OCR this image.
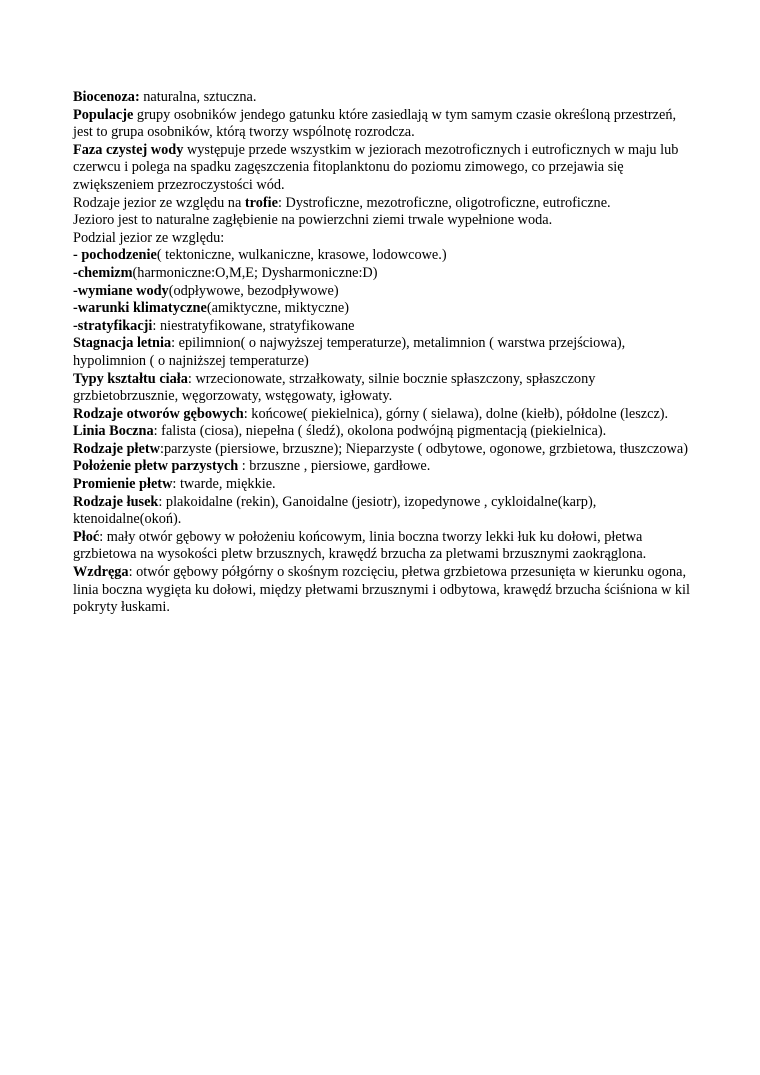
Biocenoza: naturalna, sztuczna.

Populacje grupy osobników jendego gatunku które zasiedlają w tym samym czasie określoną przestrzeń, jest to grupa osobników, którą tworzy wspólnotę rozrodcza.

Faza czystej wody występuje przede wszystkim w jeziorach mezotroficznych i eutroficznych w maju lub czerwcu i polega na spadku zagęszczenia fitoplanktonu do poziomu zimowego, co przejawia się zwiększeniem przezroczystości wód.

Rodzaje jezior ze względu na trofie: Dystroficzne, mezotroficzne, oligotroficzne, eutroficzne.

Jezioro jest to naturalne zagłębienie na powierzchni ziemi trwale wypełnione woda.

Podzial jezior ze względu:

- pochodzenie( tektoniczne, wulkaniczne, krasowe, lodowcowe.)

-chemizm(harmoniczne:O,M,E; Dysharmoniczne:D)

-wymiane wody(odpływowe, bezodpływowe)

-warunki klimatyczne(amiktyczne, miktyczne)

-stratyfikacji: niestratyfikowane, stratyfikowane

Stagnacja letnia: epilimnion( o najwyższej temperaturze), metalimnion ( warstwa przejściowa), hypolimnion ( o najniższej temperaturze)

Typy kształtu ciała: wrzecionowate, strzałkowaty, silnie bocznie spłaszczony, spłaszczony grzbietobrzusznie, węgorzowaty, wstęgowaty, igłowaty.

Rodzaje otworów gębowych: końcowe( piekielnica), górny ( sielawa), dolne (kiełb), półdolne (leszcz).

Linia Boczna: falista (ciosa), niepełna ( śledź), okolona podwójną pigmentacją (piekielnica).

Rodzaje płetw:parzyste (piersiowe, brzuszne); Nieparzyste ( odbytowe, ogonowe, grzbietowa, tłuszczowa)

Położenie płetw parzystych : brzuszne , piersiowe, gardłowe.

Promienie płetw: twarde, miękkie.

Rodzaje łusek: plakoidalne (rekin), Ganoidalne (jesiotr), izopedynowe , cykloidalne(karp), ktenoidalne(okoń).

Płoć: mały otwór gębowy w położeniu końcowym, linia boczna tworzy lekki łuk ku dołowi, płetwa grzbietowa na wysokości pletw brzusznych, krawędź brzucha za pletwami brzusznymi zaokrąglona.

Wzdręga: otwór gębowy półgórny o skośnym rozcięciu, płetwa grzbietowa przesunięta w kierunku ogona, linia boczna wygięta ku dołowi, między płetwami brzusznymi i odbytowa, krawędź brzucha ściśniona w kil pokryty łuskami.
